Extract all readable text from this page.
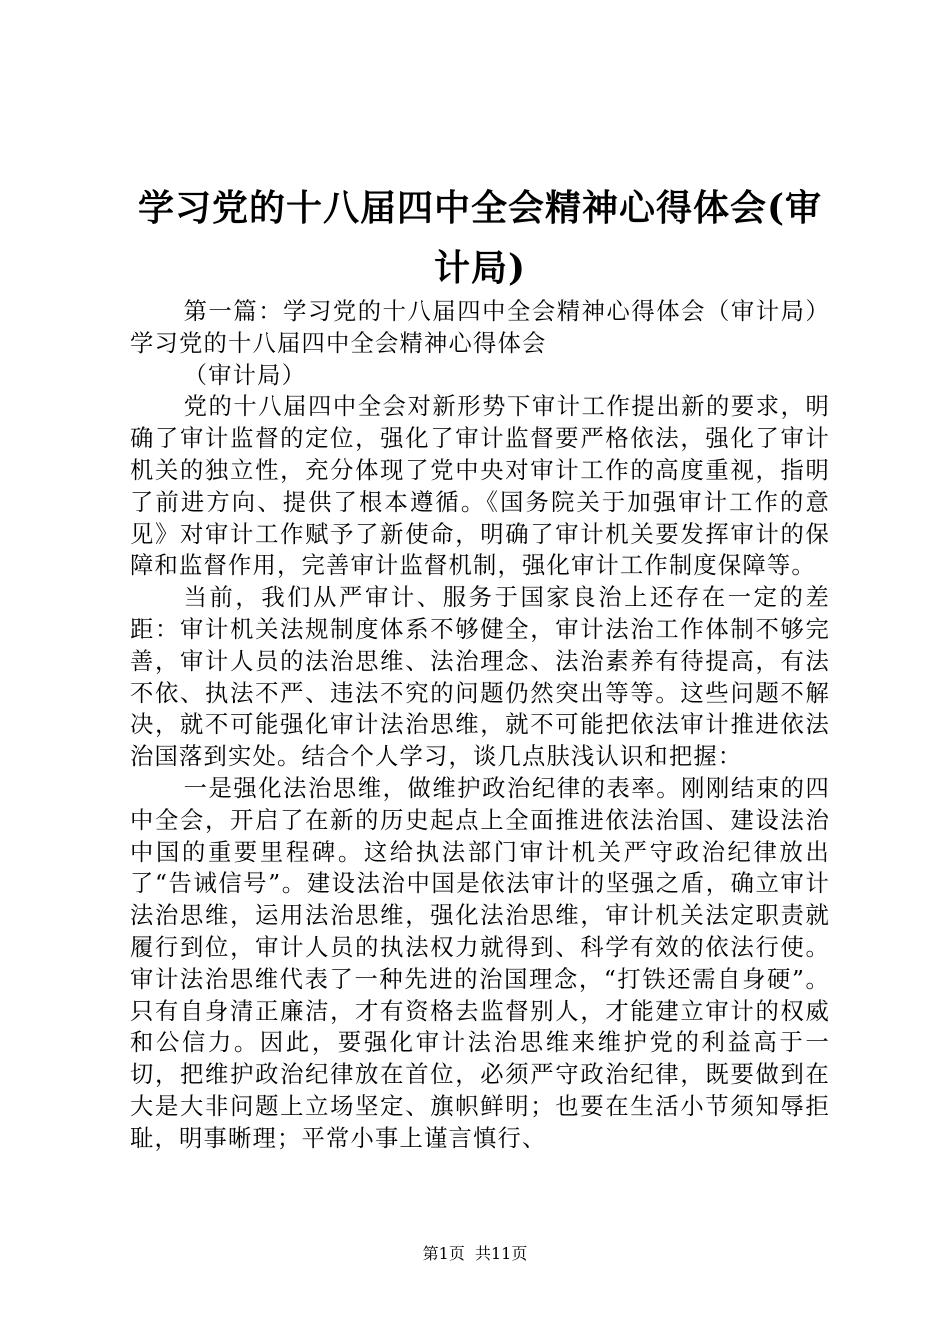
学习党的十八届四中全会精神心得体会(审计局)

第一篇：学习党的十八届四中全会精神心得体会（审计局）学习党的十八届四中全会精神心得体会

（审计局）

党的十八届四中全会对新形势下审计工作提出新的要求，明确了审计监督的定位，强化了审计监督要严格依法，强化了审计机关的独立性，充分体现了党中央对审计工作的高度重视，指明了前进方向、提供了根本遵循。《国务院关于加强审计工作的意见》对审计工作赋予了新使命，明确了审计机关要发挥审计的保障和监督作用，完善审计监督机制，强化审计工作制度保障等。

当前，我们从严审计、服务于国家良治上还存在一定的差距：审计机关法规制度体系不够健全，审计法治工作体制不够完善，审计人员的法治思维、法治理念、法治素养有待提高，有法不依、执法不严、违法不究的问题仍然突出等等。这些问题不解决，就不可能强化审计法治思维，就不可能把依法审计推进依法治国落到实处。结合个人学习，谈几点肤浅认识和把握：

一是强化法治思维，做维护政治纪律的表率。刚刚结束的四中全会，开启了在新的历史起点上全面推进依法治国、建设法治中国的重要里程碑。这给执法部门审计机关严守政治纪律放出了“告诫信号”。建设法治中国是依法审计的坚强之盾，确立审计法治思维，运用法治思维，强化法治思维，审计机关法定职责就履行到位，审计人员的执法权力就得到、科学有效的依法行使。审计法治思维代表了一种先进的治国理念，“打铁还需自身硬”。只有自身清正廉洁，才有资格去监督别人，才能建立审计的权威和公信力。因此，要强化审计法治思维来维护党的利益高于一切，把维护政治纪律放在首位，必须严守政治纪律，既要做到在大是大非问题上立场坚定、旗帜鲜明；也要在生活小节须知辱拒耻，明事晰理；平常小事上谨言慎行、

第1页  共11页
